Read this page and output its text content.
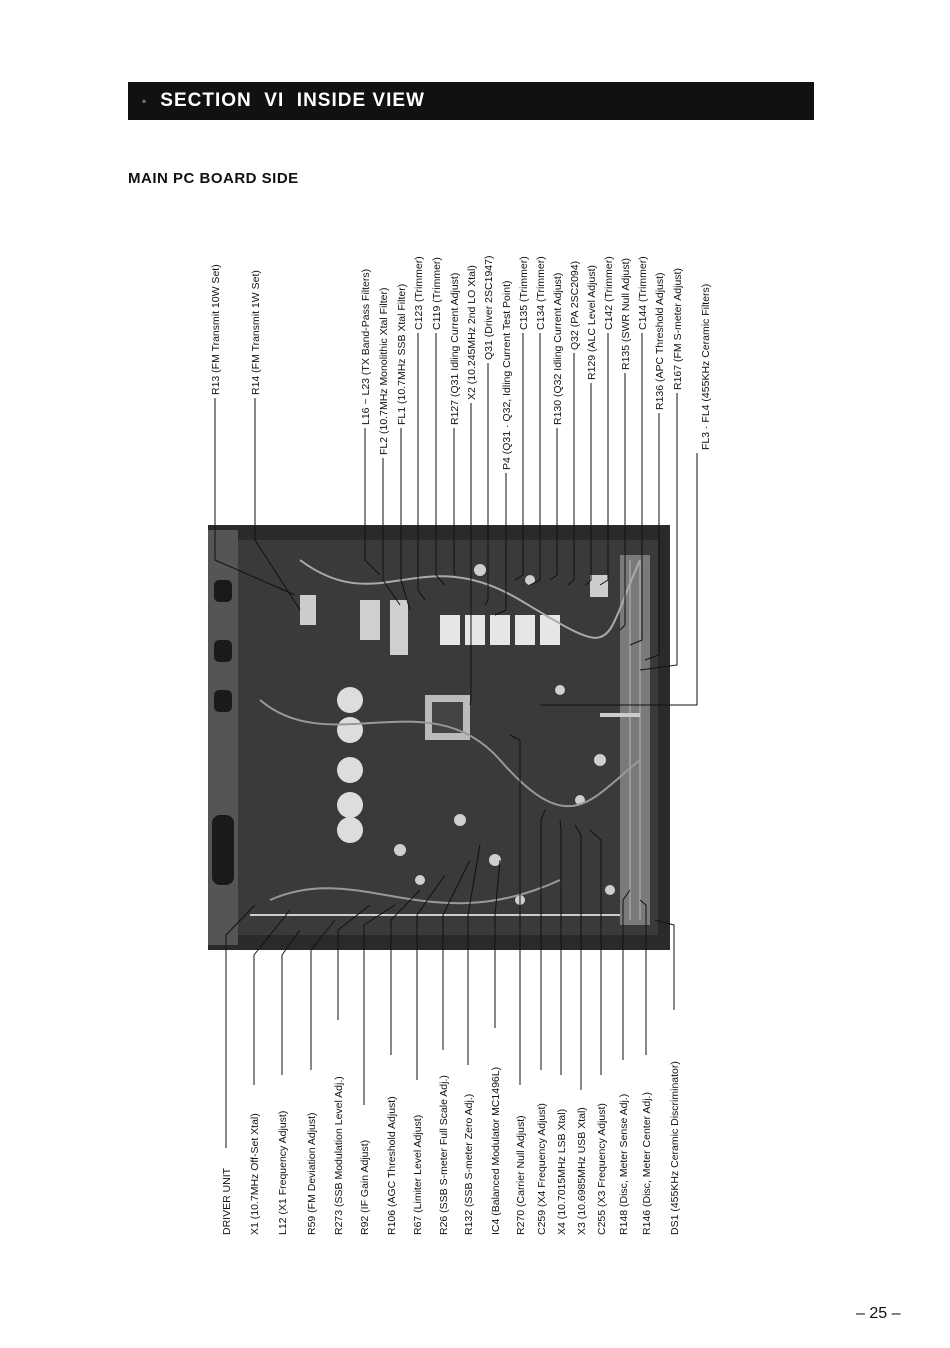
▪ SECTION  VI  INSIDE VIEW
MAIN PC BOARD SIDE
R13 (FM Transmit 10W Set)	R14 (FM Transmit 1W Set)	L16 ~ L23 (TX Band-Pass Filters) FL2 (10.7MHz Monolithic Xtal Filter) FL1 (10.7MHz SSB Xtal Filter) C123 (Trimmer) C119 (Trimmer) R127 (Q31 Idling Current Adjust) X2 (10.245MHz 2nd LO Xtal) Q31 (Driver 2SC1947) P4 (Q31 · Q32, Idling Current Test Point) C135 (Trimmer) C134 (Trimmer) R130 (Q32 Idling Current Adjust) Q32 (PA 2SC2094) R129 (ALC Level Adjust) C142 (Trimmer) R135 (SWR Null Adjust) C144 (Trimmer) R136 (APC Threshold Adjust) R167 (FM S-meter Adjust) FL3 · FL4 (455KHz Ceramic Filters)
DRIVER UNIT X1 (10.7MHz Off-Set Xtal) L12 (X1 Frequency Adjust) R59 (FM Deviation Adjust) R273 (SSB Modulation Level Adj.) R92 (IF Gain Adjust) R106 (AGC Threshold Adjust) R67 (Limiter Level Adjust) R26 (SSB S-meter Full Scale Adj.) R132 (SSB S-meter Zero Adj.) IC4 (Balanced Modulator MC1496L) R270 (Carrier Null Adjust) C259 (X4 Frequency Adjust) X4 (10.7015MHz LSB Xtal) X3 (10.6985MHz USB Xtal) C255 (X3 Frequency Adjust) R148 (Disc, Meter Sense Adj.) R146 (Disc, Meter Center Adj.) DS1 (455KHz Ceramic Discriminator)
– 25 –
